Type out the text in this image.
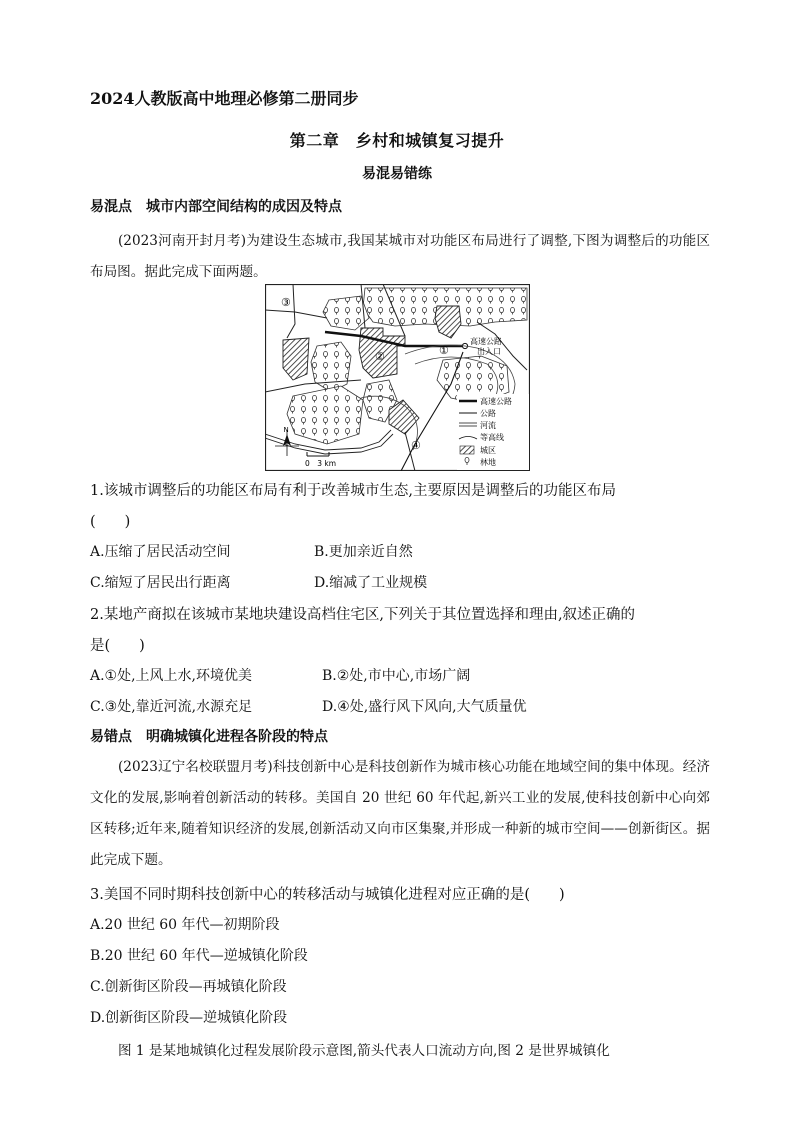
2024人教版高中地理必修第二册同步
第二章　乡村和城镇复习提升
易混易错练
易混点 城市内部空间结构的成因及特点
(2023河南开封月考)为建设生态城市,我国某城市对功能区布局进行了调整,下图为调整后的功能区布局图。据此完成下面两题。
③
②	①
④
高速公路
出入口
高速公路
公路
河流
等高线
城区
林地
N
0　3 km
1.该城市调整后的功能区布局有利于改善城市生态,主要原因是调整后的功能区布局
(　　)
A.压缩了居民活动空间	B.更加亲近自然
C.缩短了居民出行距离	D.缩减了工业规模
2.某地产商拟在该城市某地块建设高档住宅区,下列关于其位置选择和理由,叙述正确的
是(　　)
A.①处,上风上水,环境优美	B.②处,市中心,市场广阔
C.③处,靠近河流,水源充足	D.④处,盛行风下风向,大气质量优
易错点 明确城镇化进程各阶段的特点
(2023辽宁名校联盟月考)科技创新中心是科技创新作为城市核心功能在地域空间的集中体现。经济文化的发展,影响着创新活动的转移。美国自 20 世纪 60 年代起,新兴工业的发展,使科技创新中心向郊区转移;近年来,随着知识经济的发展,创新活动又向市区集聚,并形成一种新的城市空间——创新街区。据此完成下题。
3.美国不同时期科技创新中心的转移活动与城镇化进程对应正确的是(　　)
A.20 世纪 60 年代—初期阶段
B.20 世纪 60 年代—逆城镇化阶段
C.创新街区阶段—再城镇化阶段
D.创新街区阶段—逆城镇化阶段
图 1 是某地城镇化过程发展阶段示意图,箭头代表人口流动方向,图 2 是世界城镇化
